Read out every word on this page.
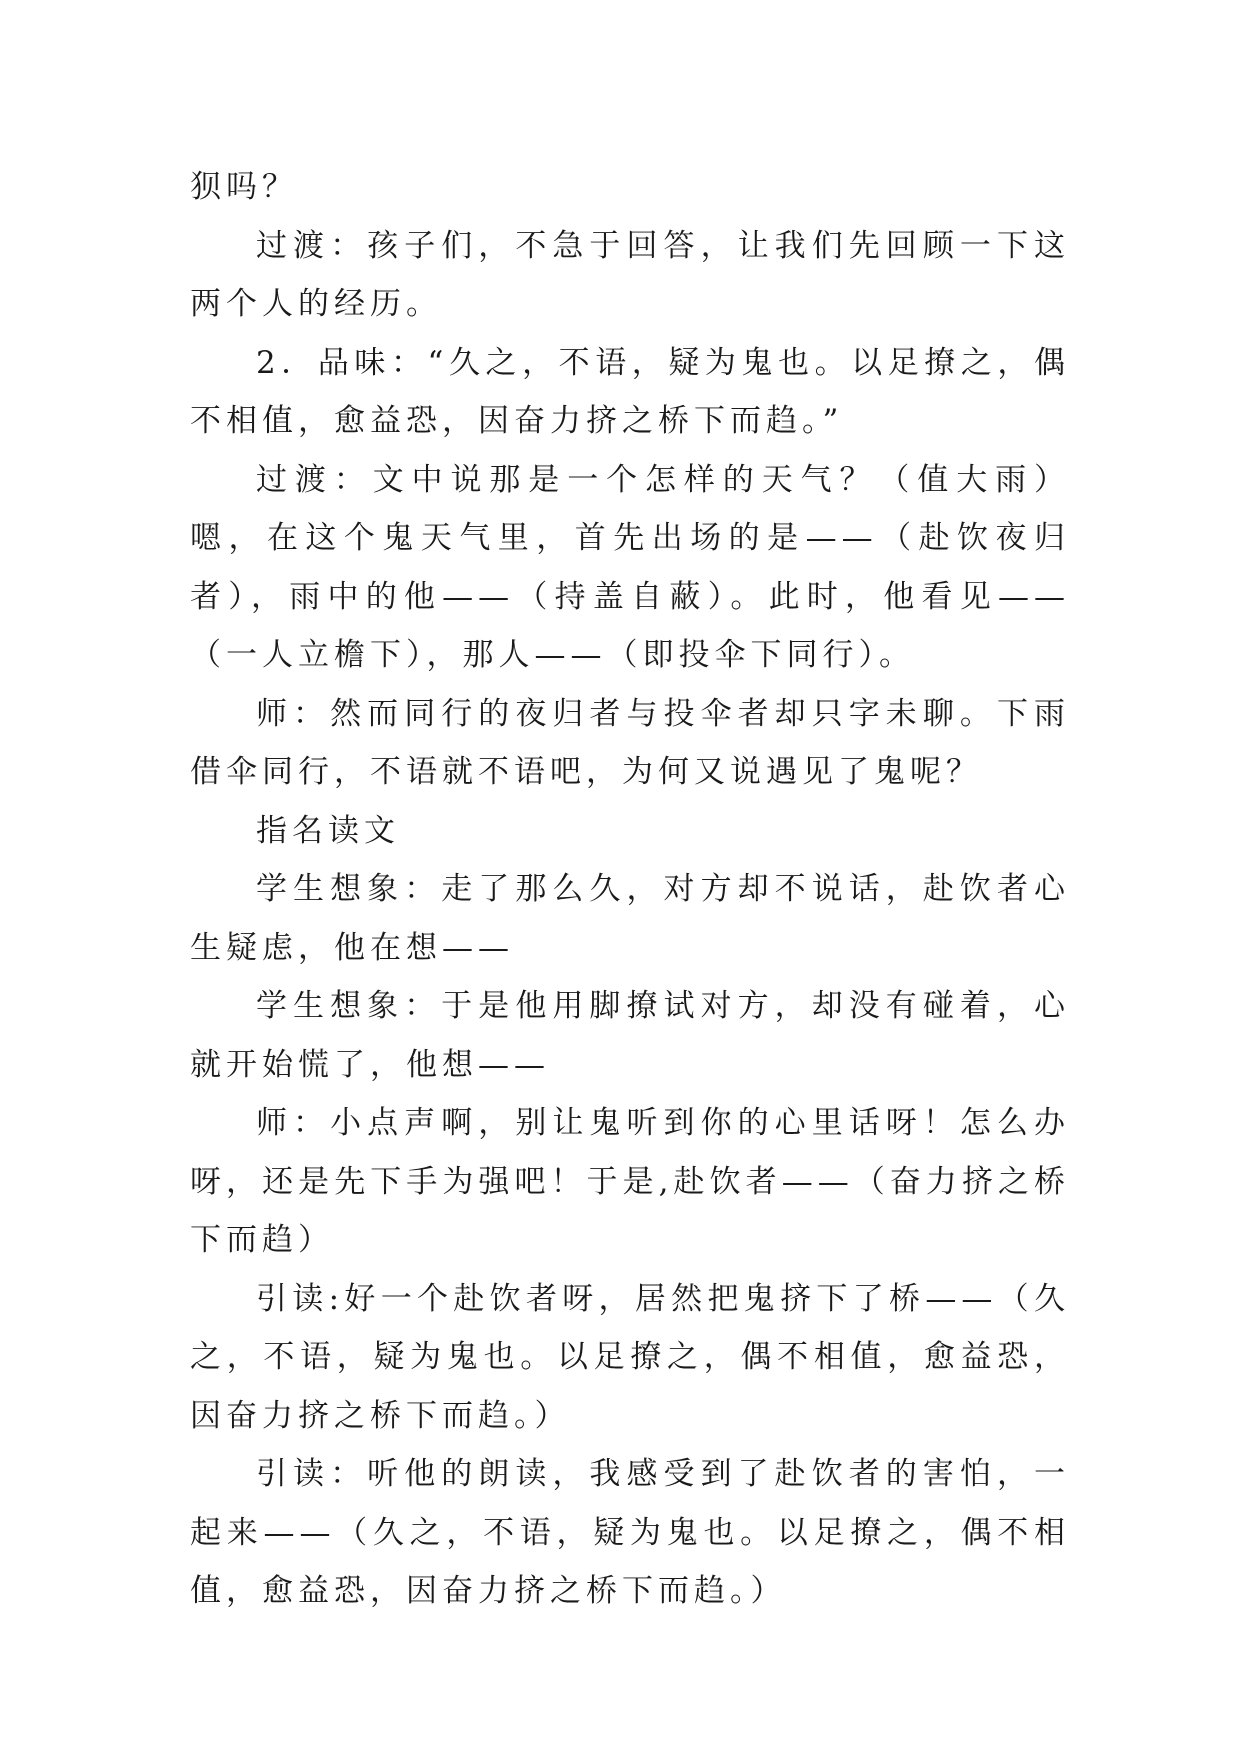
狈吗？

过渡：孩子们，不急于回答，让我们先回顾一下这两个人的经历。

2．品味：“久之，不语，疑为鬼也。以足撩之，偶不相值，愈益恐，因奋力挤之桥下而趋。”

过渡：文中说那是一个怎样的天气？（值大雨）嗯，在这个鬼天气里，首先出场的是——（赴饮夜归者），雨中的他——（持盖自蔽）。此时，他看见——（一人立檐下），那人——（即投伞下同行）。

师：然而同行的夜归者与投伞者却只字未聊。下雨借伞同行，不语就不语吧，为何又说遇见了鬼呢？

指名读文

学生想象：走了那么久，对方却不说话，赴饮者心生疑虑，他在想——

学生想象：于是他用脚撩试对方，却没有碰着，心就开始慌了，他想——

师：小点声啊，别让鬼听到你的心里话呀！怎么办呀，还是先下手为强吧！于是,赴饮者——（奋力挤之桥下而趋）

引读:好一个赴饮者呀，居然把鬼挤下了桥——（久之，不语，疑为鬼也。以足撩之，偶不相值，愈益恐，因奋力挤之桥下而趋。）

引读：听他的朗读，我感受到了赴饮者的害怕，一起来——（久之，不语，疑为鬼也。以足撩之，偶不相值，愈益恐，因奋力挤之桥下而趋。）
